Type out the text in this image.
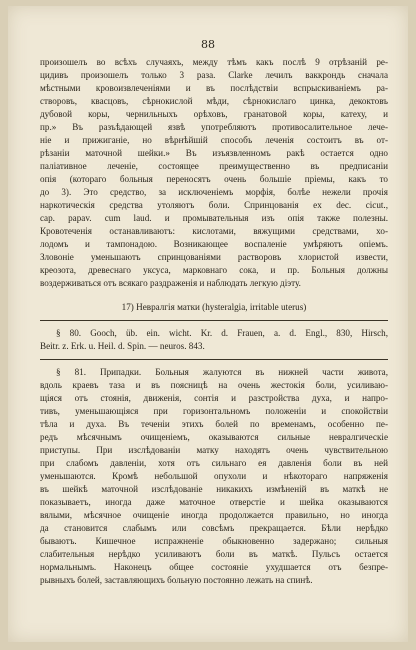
88
произошелъ во всѣхъ случаяхъ, между тѣмъ какъ послѣ 9 отрѣзаній ре-
цидивъ произошелъ только 3 раза. Clarke лечилъ ваккрондь сначала
мѣстными кровоизвлеченіями и въ послѣдствіи вспрыскиваніемъ ра-
створовъ, квасцовъ, сѣрнокислой мѣди, сѣрнокислаго цинка, декоктовъ
дубовой коры, чернильныхъ орѣховъ, гранатовой коры, катеху, и
пр.» Въ разъѣдающей язвѣ употребляютъ противосалительное лече-
ніе и прижиганіе, но вѣрнѣйшій способъ леченія состоитъ въ от-
рѣзаніи маточной шейки.» Въ изъязвленномъ ракѣ остается одно
паліативное леченіе, состоящее преимущественно въ предписаніи
опія (котораго больныя переносятъ очень большіе пріемы, какъ то
до 3). Это средство, за исключеніемъ морфія, болѣе нежели прочія
наркотическія средства утоляютъ боли. Спринцованія ex dec. cicut.,
cap. papav. cum laud. и промывательныя изъ опія также полезны.
Кровотеченія останавливаютъ: кислотами, вяжущими средствами, хо-
лодомъ и тампонадою. Возникающее воспаленіе умѣряютъ опіемъ.
Зловоніе уменьшаютъ спринцованіями растворовъ хлористой извести,
креозота, древеснаго уксуса, марковнаго сока, и пр. Больныя должны
воздерживаться отъ всякаго раздраженія и наблюдать легкую діэту.
17) Невралгія матки (hysteralgia, irritable uterus)
§ 80. Gooch, üb. ein. wicht. Kr. d. Frauen, a. d. Engl., 830, Hirsch,
Beitr. z. Erk. u. Heil. d. Spin. — neuros. 843.
§ 81. Припадки. Больныя жалуются въ нижней части живота,
вдоль краевъ таза и въ поясницѣ на очень жестокія боли, усиливаю-
щіяся отъ стоянія, движенія, сонтія и разстройства духа, и напро-
тивъ, уменьшающіяся при горизонтальномъ положеніи и спокойствіи
тѣла и духа. Въ теченіи этихъ болей по временамъ, особенно пе-
редъ мѣсячнымъ очищеніемъ, оказываются сильные невралгическіе
приступы. При изслѣдованіи матку находятъ очень чувствительною
при слабомъ давленіи, хотя отъ сильнаго ея давленія боли въ ней
уменьшаются. Кромѣ небольшой опухоли и нѣкотораго напряженія
въ шейкѣ маточной изслѣдованіе никакихъ измѣненій въ маткѣ не
показываетъ, иногда даже маточное отверстіе и шейка оказываются
вялыми, мѣсячное очищеніе иногда продолжается правильно, но иногда
да становится слабымъ или совсѣмъ прекращается. Бѣли нерѣдко
бываютъ. Кишечное испражненіе обыкновенно задержано; сильныя
слабительныя нерѣдко усиливаютъ боли въ маткѣ. Пульсъ остается
нормальнымъ. Наконецъ общее состояніе ухудшается отъ безпре-
рывныхъ болей, заставляющихъ больную постоянно лежать на спинѣ.
